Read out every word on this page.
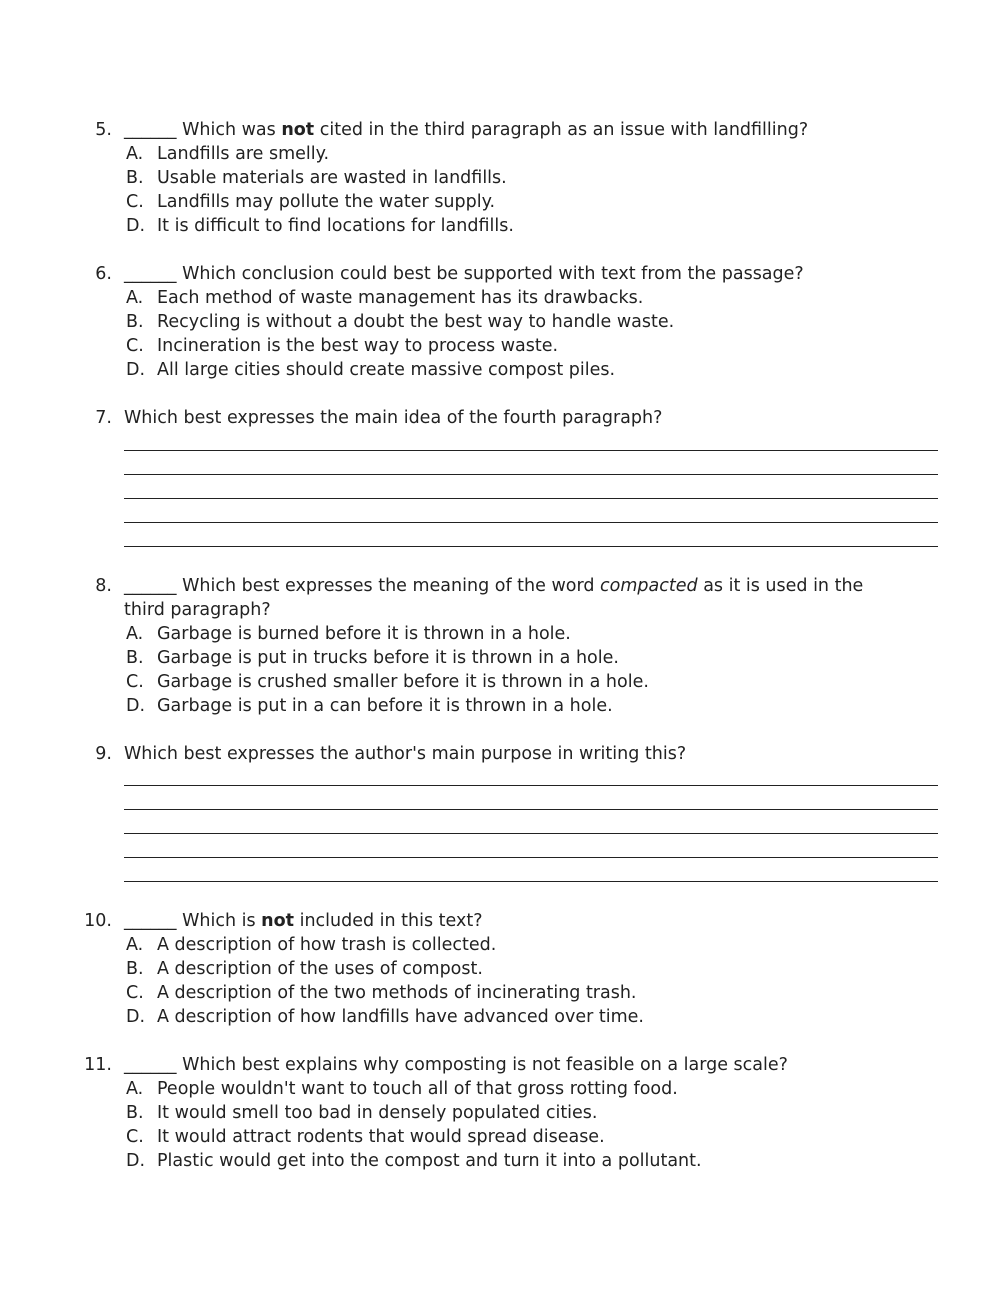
5. ______ Which was not cited in the third paragraph as an issue with landfilling?
A. Landfills are smelly.
B. Usable materials are wasted in landfills.
C. Landfills may pollute the water supply.
D. It is difficult to find locations for landfills.
6. ______ Which conclusion could best be supported with text from the passage?
A. Each method of waste management has its drawbacks.
B. Recycling is without a doubt the best way to handle waste.
C. Incineration is the best way to process waste.
D. All large cities should create massive compost piles.
7. Which best expresses the main idea of the fourth paragraph?
8. ______ Which best expresses the meaning of the word compacted as it is used in the
third paragraph?
A. Garbage is burned before it is thrown in a hole.
B. Garbage is put in trucks before it is thrown in a hole.
C. Garbage is crushed smaller before it is thrown in a hole.
D. Garbage is put in a can before it is thrown in a hole.
9. Which best expresses the author's main purpose in writing this?
10. ______ Which is not included in this text?
A. A description of how trash is collected.
B. A description of the uses of compost.
C. A description of the two methods of incinerating trash.
D. A description of how landfills have advanced over time.
11. ______ Which best explains why composting is not feasible on a large scale?
A. People wouldn't want to touch all of that gross rotting food.
B. It would smell too bad in densely populated cities.
C. It would attract rodents that would spread disease.
D. Plastic would get into the compost and turn it into a pollutant.
